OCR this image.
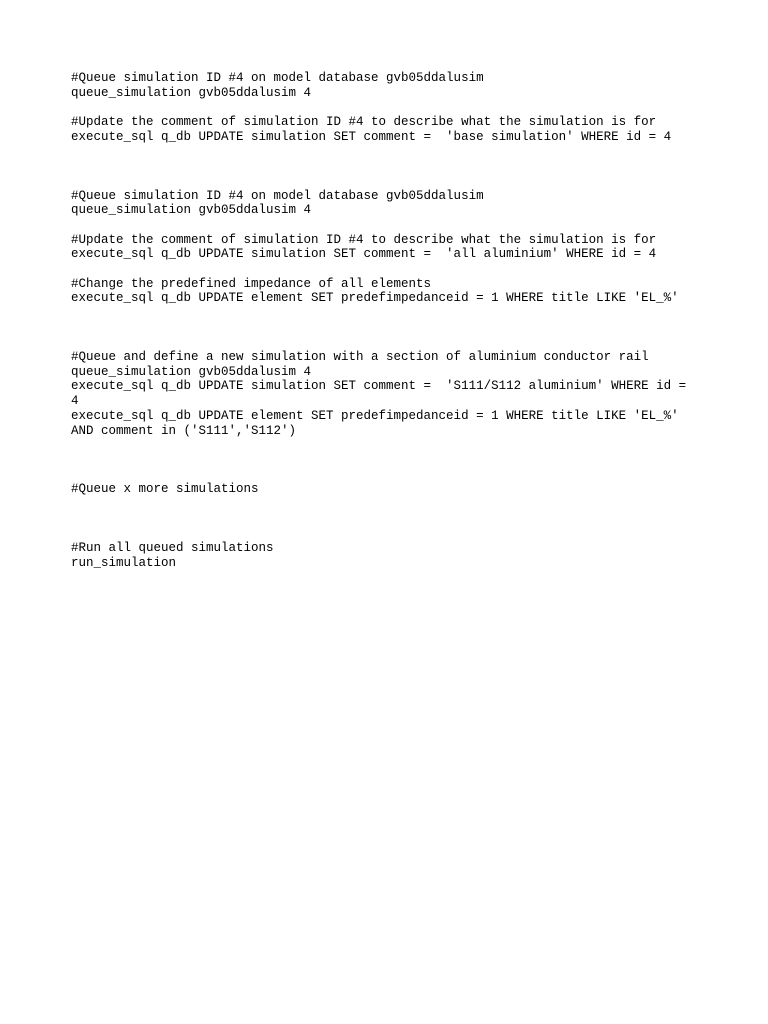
#Queue simulation ID #4 on model database gvb05ddalusim
queue_simulation gvb05ddalusim 4
#Update the comment of simulation ID #4 to describe what the simulation is for
execute_sql q_db UPDATE simulation SET comment =  'base simulation' WHERE id = 4
#Queue simulation ID #4 on model database gvb05ddalusim
queue_simulation gvb05ddalusim 4
#Update the comment of simulation ID #4 to describe what the simulation is for
execute_sql q_db UPDATE simulation SET comment =  'all aluminium' WHERE id = 4
#Change the predefined impedance of all elements
execute_sql q_db UPDATE element SET predefimpedanceid = 1 WHERE title LIKE 'EL_%'
#Queue and define a new simulation with a section of aluminium conductor rail
queue_simulation gvb05ddalusim 4
execute_sql q_db UPDATE simulation SET comment =  'S111/S112 aluminium' WHERE id =
4
execute_sql q_db UPDATE element SET predefimpedanceid = 1 WHERE title LIKE 'EL_%'
AND comment in ('S111','S112')
#Queue x more simulations
#Run all queued simulations
run_simulation
